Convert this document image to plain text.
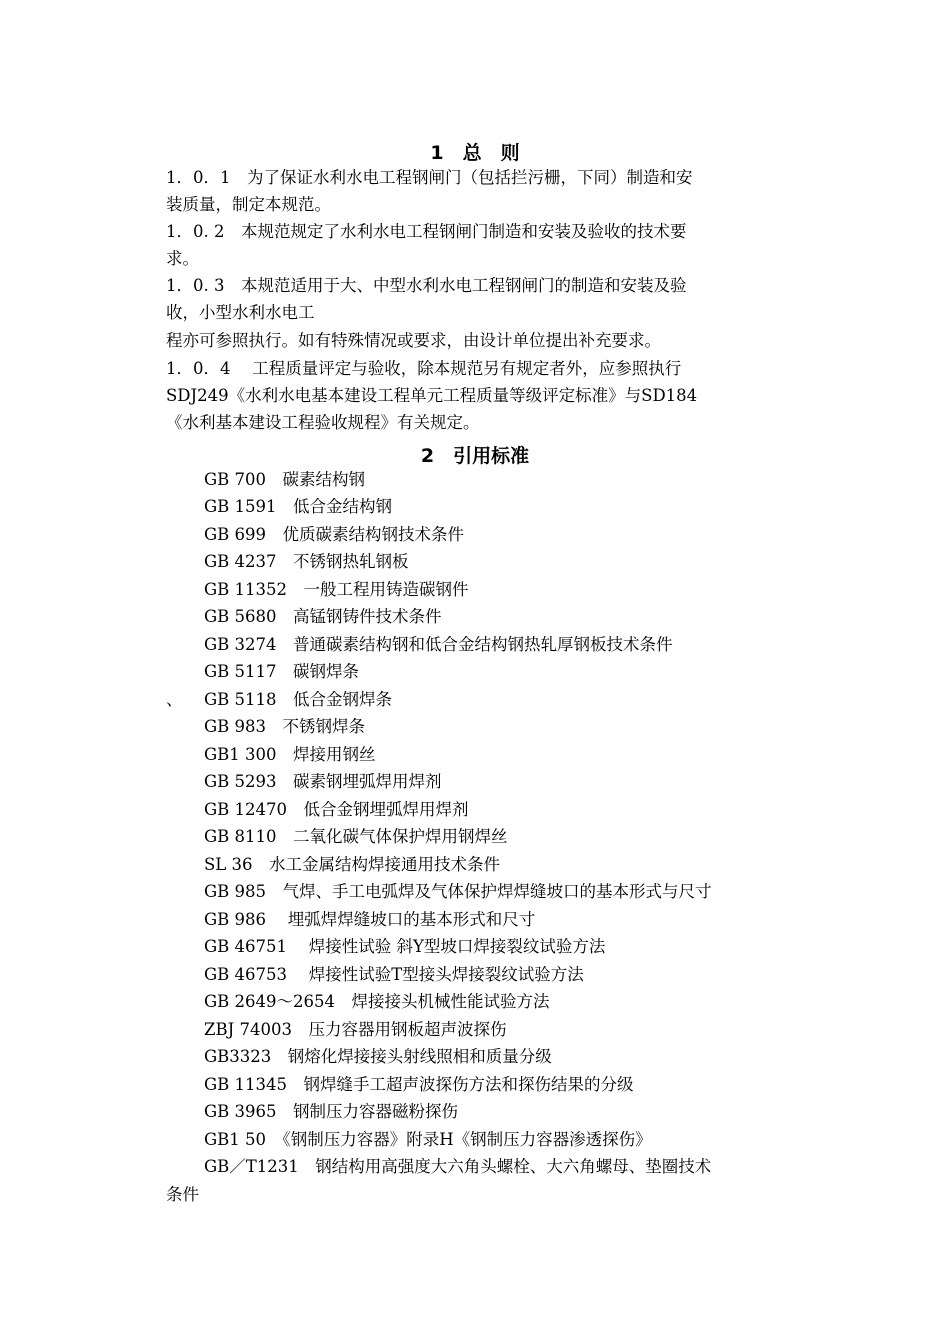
1　总　则
1．0．1　为了保证水利水电工程钢闸门（包括拦污栅，下同）制造和安
装质量，制定本规范。
1．0. 2　本规范规定了水利水电工程钢闸门制造和安装及验收的技术要
求。
1．0. 3　本规范适用于大、中型水利水电工程钢闸门的制造和安装及验
收，小型水利水电工
程亦可参照执行。如有特殊情况或要求，由设计单位提出补充要求。
1．0．4　 工程质量评定与验收，除本规范另有规定者外，应参照执行
SDJ249《水利水电基本建设工程单元工程质量等级评定标准》与SD184
《水利基本建设工程验收规程》有关规定。
2　引用标准
GB 700　碳素结构钢
GB 1591　低合金结构钢
GB 699　优质碳素结构钢技术条件
GB 4237　不锈钢热轧钢板
GB 11352　一般工程用铸造碳钢件
GB 5680　高锰钢铸件技术条件
GB 3274　普通碳素结构钢和低合金结构钢热轧厚钢板技术条件
GB 5117　碳钢焊条
、 GB 5118　低合金钢焊条
GB 983　不锈钢焊条
GB1 300　焊接用钢丝
GB 5293　碳素钢埋弧焊用焊剂
GB 12470　低合金钢埋弧焊用焊剂
GB 8110　二氧化碳气体保护焊用钢焊丝
SL 36　水工金属结构焊接通用技术条件
GB 985　气焊、手工电弧焊及气体保护焊焊缝坡口的基本形式与尺寸
GB 986　 埋弧焊焊缝坡口的基本形式和尺寸
GB 46751　 焊接性试验 斜Y型坡口焊接裂纹试验方法
GB 46753　 焊接性试验T型接头焊接裂纹试验方法
GB 2649～2654　焊接接头机械性能试验方法
ZBJ 74003　压力容器用钢板超声波探伤
GB3323　钢熔化焊接接头射线照相和质量分级
GB 11345　钢焊缝手工超声波探伤方法和探伤结果的分级
GB 3965　钢制压力容器磁粉探伤
GB1 50　《钢制压力容器》附录H《钢制压力容器渗透探伤》
GB／T1231　钢结构用高强度大六角头螺栓、大六角螺母、垫圈技术
条件
